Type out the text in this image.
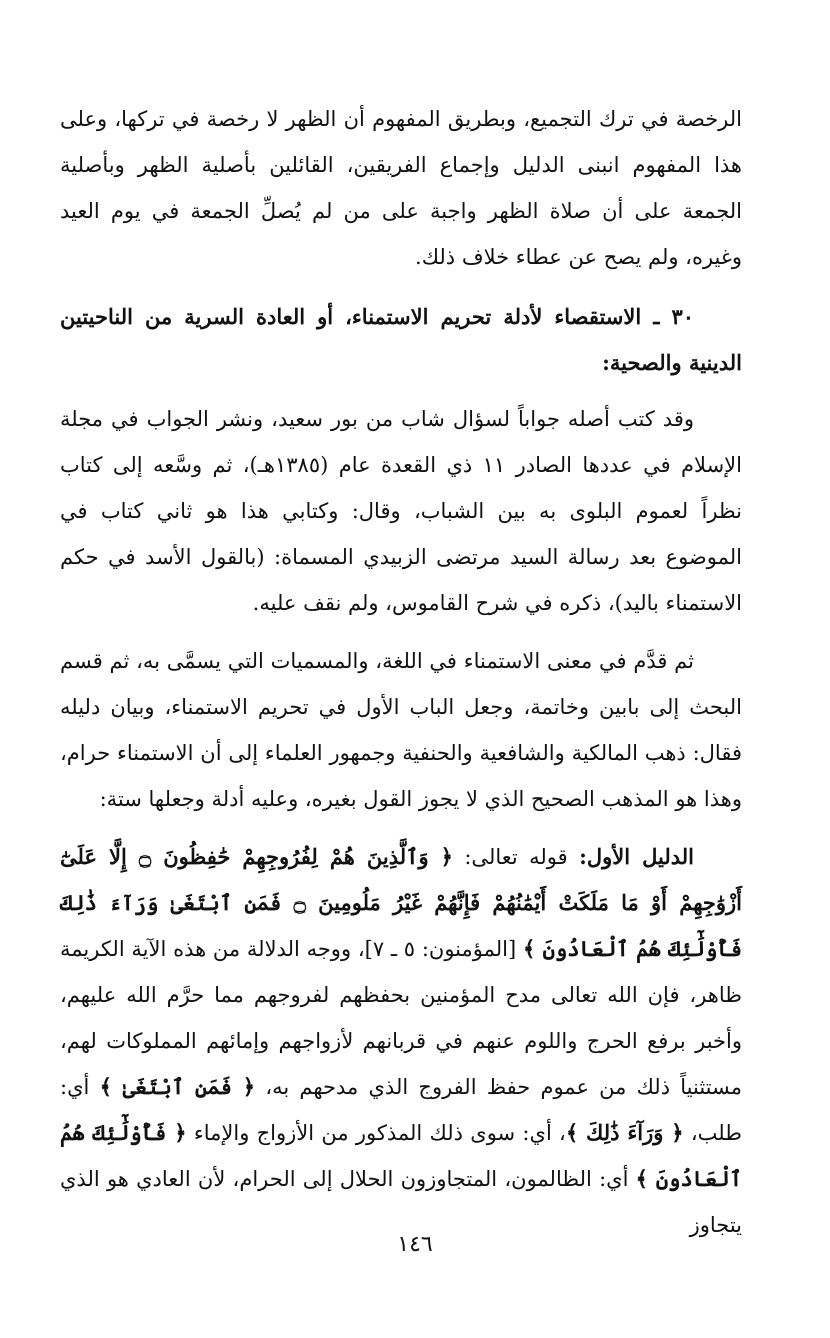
الرخصة في ترك التجميع، وبطريق المفهوم أن الظهر لا رخصة في تركها، وعلى هذا المفهوم انبنى الدليل وإجماع الفريقين، القائلين بأصلية الظهر وبأصلية الجمعة على أن صلاة الظهر واجبة على من لم يُصلِّ الجمعة في يوم العيد وغيره، ولم يصح عن عطاء خلاف ذلك.

٣٠ ـ الاستقصاء لأدلة تحريم الاستمناء، أو العادة السرية من الناحيتين الدينية والصحية:

وقد كتب أصله جواباً لسؤال شاب من بور سعيد، ونشر الجواب في مجلة الإسلام في عددها الصادر ١١ ذي القعدة عام (١٣٨٥هـ)، ثم وسَّعه إلى كتاب نظراً لعموم البلوى به بين الشباب، وقال: وكتابي هذا هو ثاني كتاب في الموضوع بعد رسالة السيد مرتضى الزبيدي المسماة: (بالقول الأسد في حكم الاستمناء باليد)، ذكره في شرح القاموس، ولم نقف عليه.

ثم قدَّم في معنى الاستمناء في اللغة، والمسميات التي يسمَّى به، ثم قسم البحث إلى بابين وخاتمة، وجعل الباب الأول في تحريم الاستمناء، وبيان دليله فقال: ذهب المالكية والشافعية والحنفية وجمهور العلماء إلى أن الاستمناء حرام، وهذا هو المذهب الصحيح الذي لا يجوز القول بغيره، وعليه أدلة وجعلها ستة:

الدليل الأول: قوله تعالى: ﴿ وَٱلَّذِينَ هُمْ لِفُرُوجِهِمْ حَٰفِظُونَ ۝ إِلَّا عَلَىٰٓ أَزْوَٰجِهِمْ أَوْ مَا مَلَكَتْ أَيْمَٰنُهُمْ فَإِنَّهُمْ غَيْرُ مَلُومِينَ ۝ فَمَنِ ٱبْتَغَىٰ وَرَآءَ ذَٰلِكَ فَأُوْلَٰٓئِكَ هُمُ ٱلْعَادُونَ ﴾ [المؤمنون: ٥ ـ ٧]، ووجه الدلالة من هذه الآية الكريمة ظاهر، فإن الله تعالى مدح المؤمنين بحفظهم لفروجهم مما حرَّم الله عليهم، وأخبر برفع الحرج واللوم عنهم في قربانهم لأزواجهم وإمائهم المملوكات لهم، مستثنياً ذلك من عموم حفظ الفروج الذي مدحهم به، ﴿ فَمَنِ ٱبْتَغَىٰ ﴾ أي: طلب، ﴿ وَرَآءَ ذَٰلِكَ ﴾، أي: سوى ذلك المذكور من الأزواج والإماء ﴿ فَأُوْلَٰٓئِكَ هُمُ ٱلْعَادُونَ ﴾ أي: الظالمون، المتجاوزون الحلال إلى الحرام، لأن العادي هو الذي يتجاوز

١٤٦
